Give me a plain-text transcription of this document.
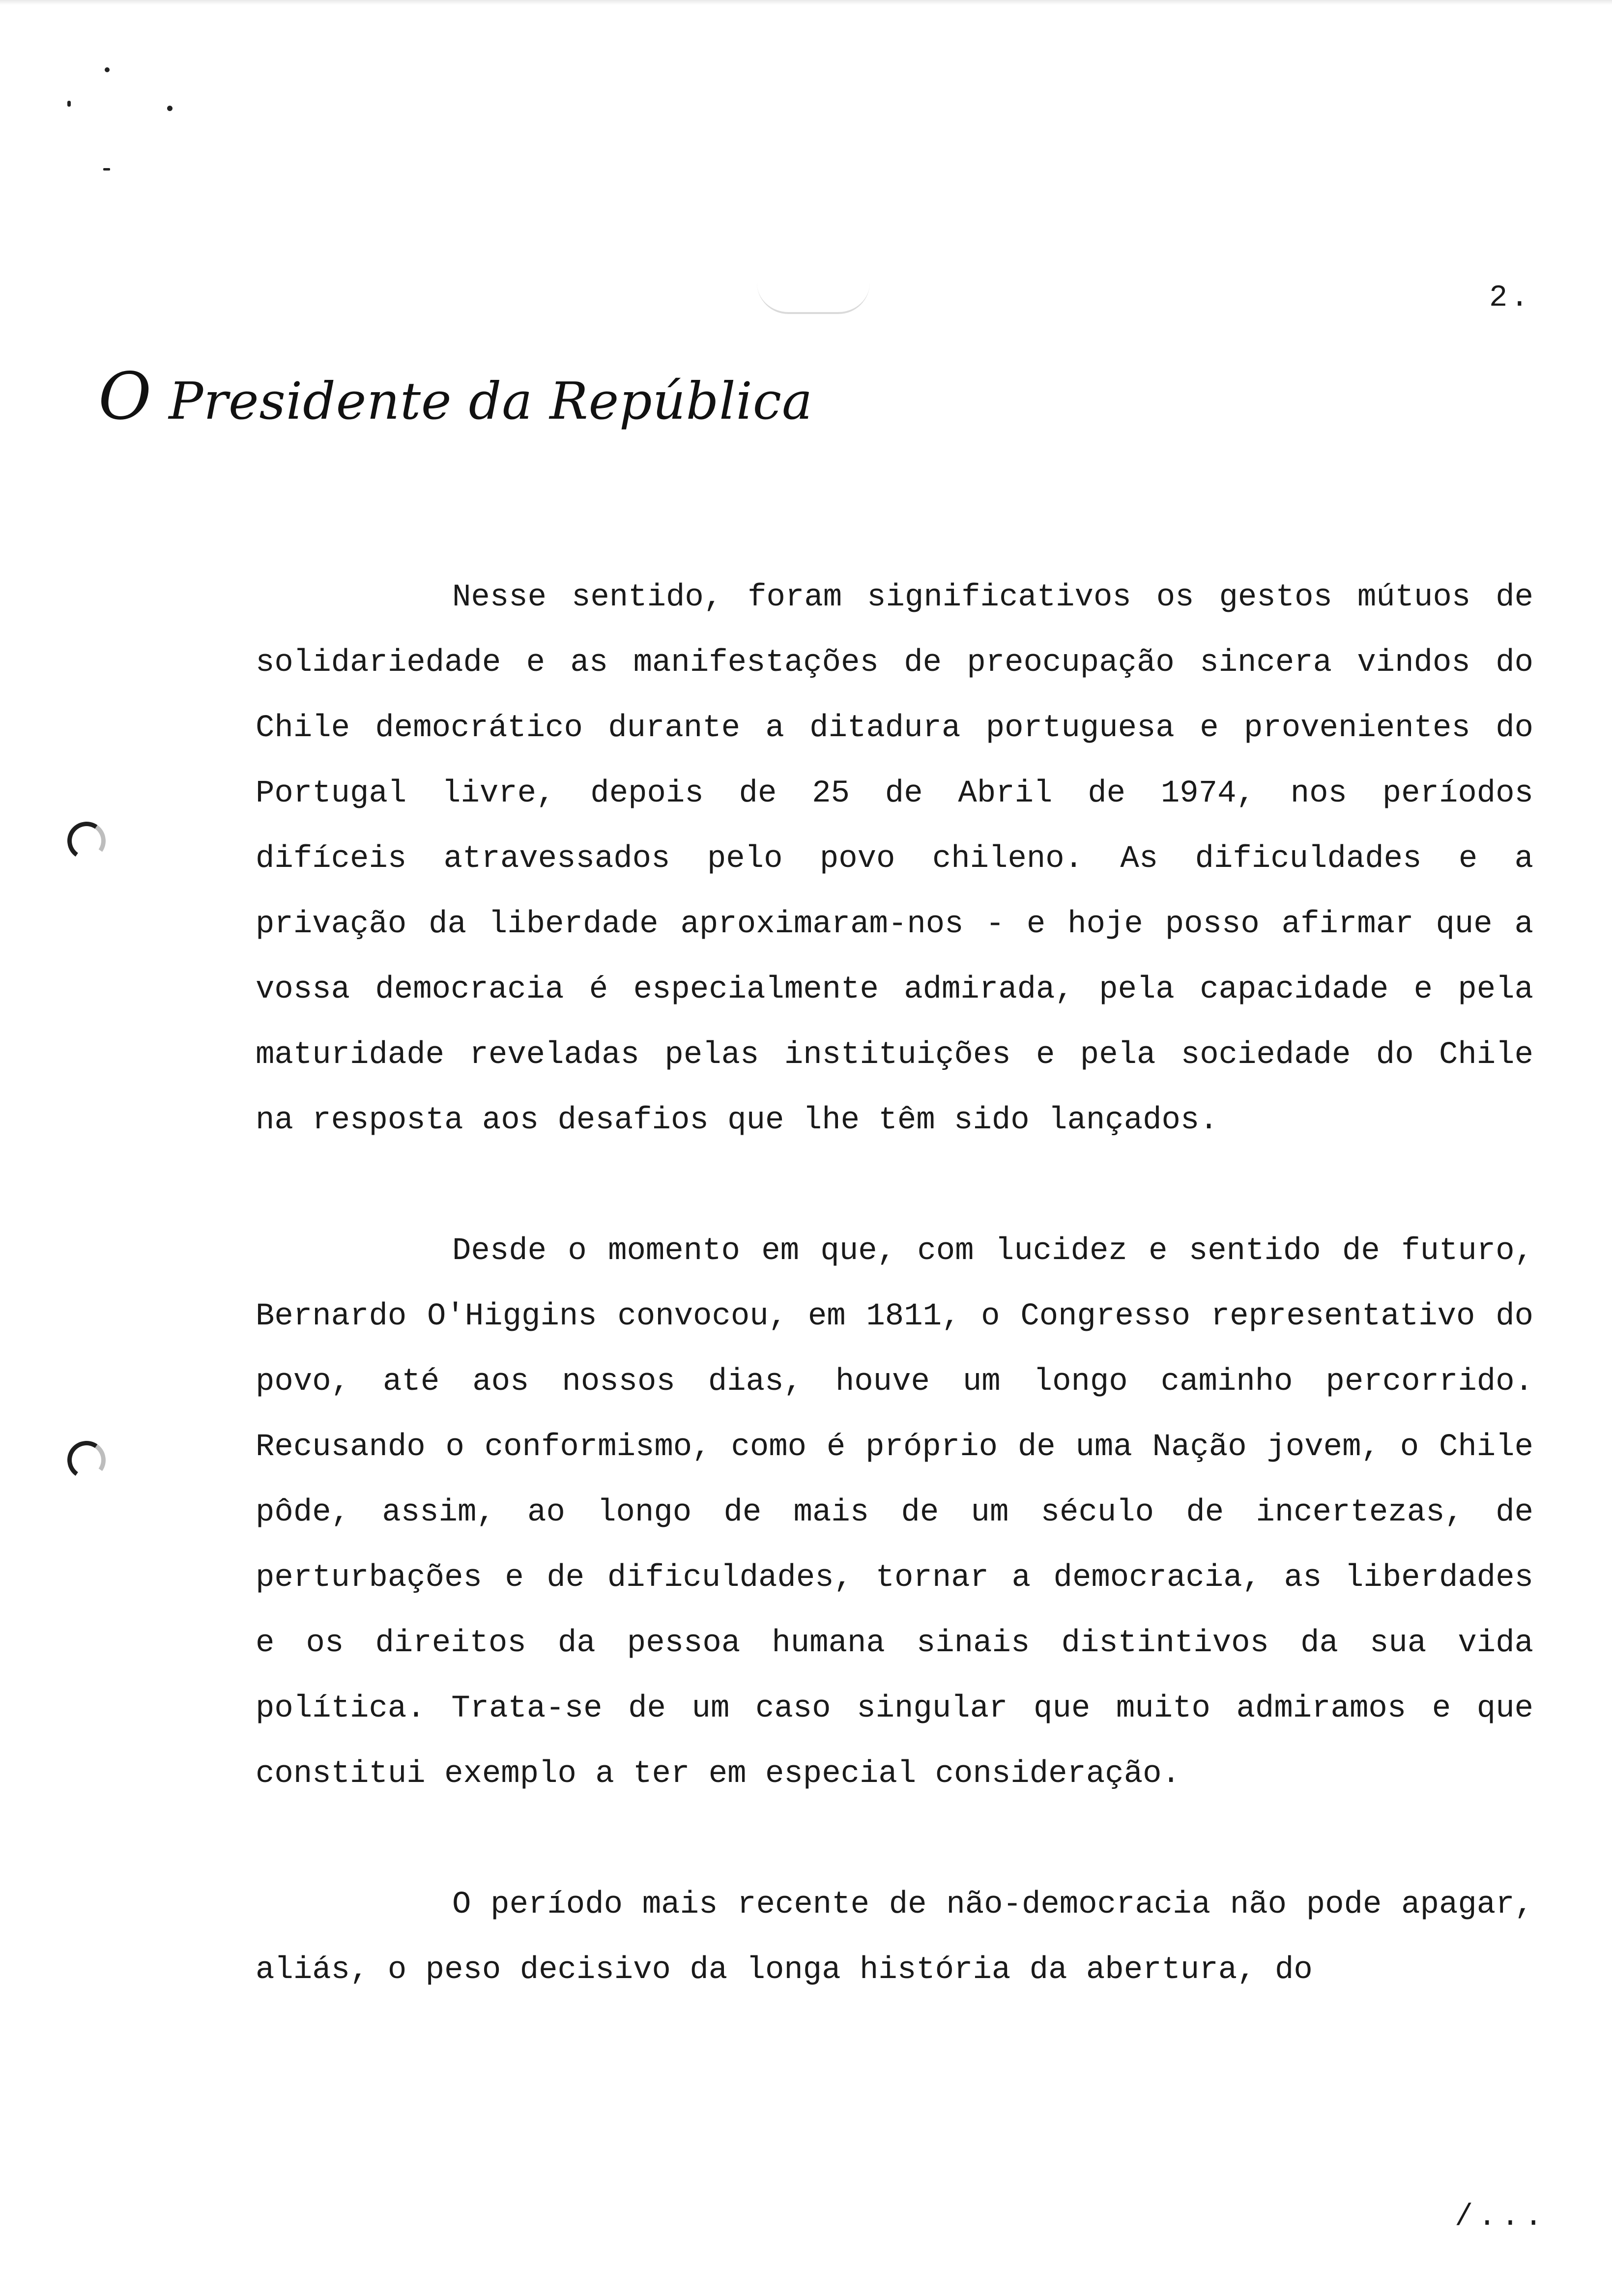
2.
O Presidente da República

Nesse sentido, foram significativos os gestos mútuos de solidariedade e as manifestações de preocupação sincera vindos do Chile democrático durante a ditadura portuguesa e provenientes do Portugal livre, depois de 25 de Abril de 1974, nos períodos difíceis atravessados pelo povo chileno. As dificuldades e a privação da liberdade aproximaram-nos - e hoje posso afirmar que a vossa democracia é especialmente admirada, pela capacidade e pela maturidade reveladas pelas instituições e pela sociedade do Chile na resposta aos desafios que lhe têm sido lançados.

Desde o momento em que, com lucidez e sentido de futuro, Bernardo O'Higgins convocou, em 1811, o Congresso representativo do povo, até aos nossos dias, houve um longo caminho percorrido. Recusando o conformismo, como é próprio de uma Nação jovem, o Chile pôde, assim, ao longo de mais de um século de incertezas, de perturbações e de dificuldades, tornar a democracia, as liberdades e os direitos da pessoa humana sinais distintivos da sua vida política. Trata-se de um caso singular que muito admiramos e que constitui exemplo a ter em especial consideração.

O período mais recente de não-democracia não pode apagar, aliás, o peso decisivo da longa história da abertura, do

/...
